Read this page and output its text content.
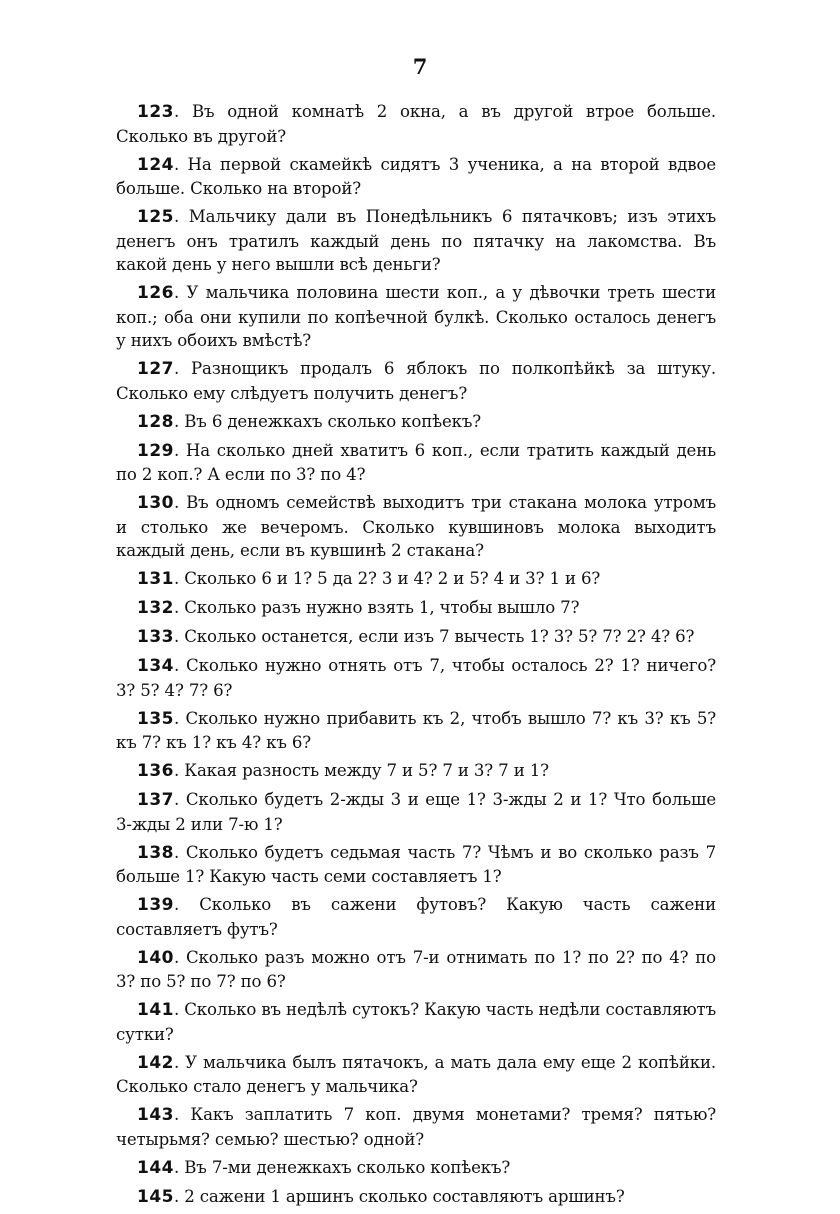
7

123. Въ одной комнатѣ 2 окна, а въ другой втрое больше. Сколько въ другой?

124. На первой скамейкѣ сидятъ 3 ученика, а на второй вдвое больше. Сколько на второй?

125. Мальчику дали въ Понедѣльникъ 6 пятачковъ; изъ этихъ денегъ онъ тратилъ каждый день по пятачку на лакомства. Въ какой день у него вышли всѣ деньги?

126. У мальчика половина шести коп., а у дѣвочки треть шести коп.; оба они купили по копѣечной булкѣ. Сколько осталось денегъ у нихъ обоихъ вмѣстѣ?

127. Разнощикъ продалъ 6 яблокъ по полкопѣйкѣ за штуку. Сколько ему слѣдуетъ получить денегъ?

128. Въ 6 денежкахъ сколько копѣекъ?

129. На сколько дней хватитъ 6 коп., если тратить каждый день по 2 коп.? А если по 3? по 4?

130. Въ одномъ семействѣ выходитъ три стакана молока утромъ и столько же вечеромъ. Сколько кувшиновъ молока выходитъ каждый день, если въ кувшинѣ 2 стакана?

131. Сколько 6 и 1? 5 да 2? 3 и 4? 2 и 5? 4 и 3? 1 и 6?

132. Сколько разъ нужно взять 1, чтобы вышло 7?

133. Сколько останется, если изъ 7 вычесть 1? 3? 5? 7? 2? 4? 6?

134. Сколько нужно отнять отъ 7, чтобы осталось 2? 1? ничего? 3? 5? 4? 7? 6?

135. Сколько нужно прибавить къ 2, чтобъ вышло 7? къ 3? къ 5? къ 7? къ 1? къ 4? къ 6?

136. Какая разность между 7 и 5? 7 и 3? 7 и 1?

137. Сколько будетъ 2-жды 3 и еще 1? 3-жды 2 и 1? Что больше 3-жды 2 или 7-ю 1?

138. Сколько будетъ седьмая часть 7? Чѣмъ и во сколько разъ 7 больше 1? Какую часть семи составляетъ 1?

139. Сколько въ сажени футовъ? Какую часть сажени составляетъ футъ?

140. Сколько разъ можно отъ 7-и отнимать по 1? по 2? по 4? по 3? по 5? по 7? по 6?

141. Сколько въ недѣлѣ сутокъ? Какую часть недѣли составляютъ сутки?

142. У мальчика былъ пятачокъ, а мать дала ему еще 2 копѣйки. Сколько стало денегъ у мальчика?

143. Какъ заплатить 7 коп. двумя монетами? тремя? пятью? четырьмя? семью? шестью? одной?

144. Въ 7-ми денежкахъ сколько копѣекъ?

145. 2 сажени 1 аршинъ сколько составляютъ аршинъ?
